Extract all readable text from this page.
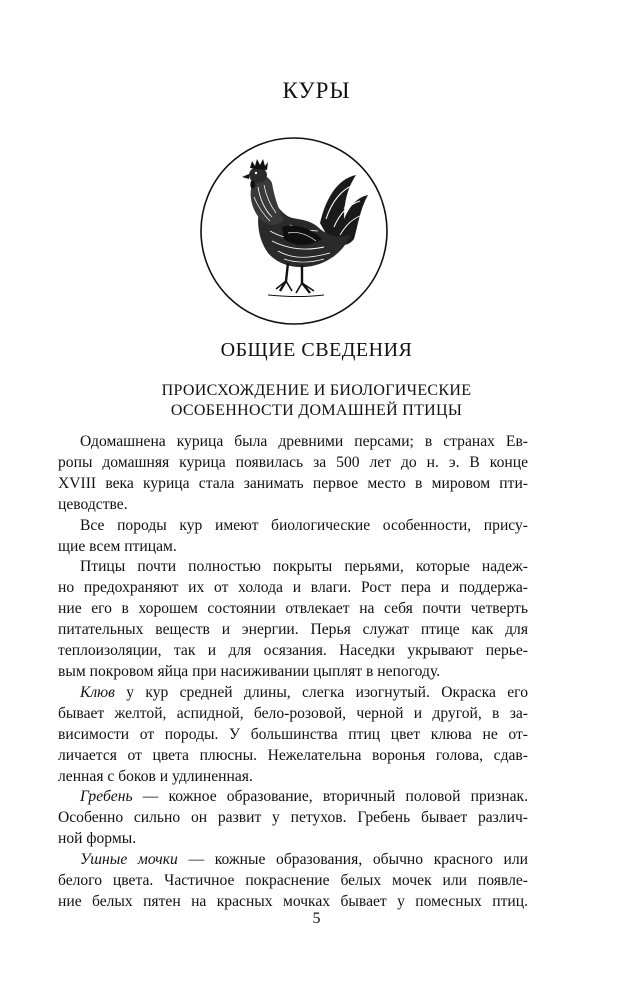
КУРЫ
ОБЩИЕ СВЕДЕНИЯ
ПРОИСХОЖДЕНИЕ И БИОЛОГИЧЕСКИЕ
ОСОБЕННОСТИ ДОМАШНЕЙ ПТИЦЫ

Одомашнена курица была древними персами; в странах Ев-
ропы домашняя курица появилась за 500 лет до н. э. В конце
XVIII века курица стала занимать первое место в мировом пти-
цеводстве.

Все породы кур имеют биологические особенности, прису-
щие всем птицам.

Птицы почти полностью покрыты перьями, которые надеж-
но предохраняют их от холода и влаги. Рост пера и поддержа-
ние его в хорошем состоянии отвлекает на себя почти четверть
питательных веществ и энергии. Перья служат птице как для
теплоизоляции, так и для осязания. Наседки укрывают перье-
вым покровом яйца при насиживании цыплят в непогоду.

Клюв у кур средней длины, слегка изогнутый. Окраска его
бывает желтой, аспидной, бело-розовой, черной и другой, в за-
висимости от породы. У большинства птиц цвет клюва не от-
личается от цвета плюсны. Нежелательна воронья голова, сдав-
ленная с боков и удлиненная.

Гребень — кожное образование, вторичный половой признак.
Особенно сильно он развит у петухов. Гребень бывает различ-
ной формы.

Ушные мочки — кожные образования, обычно красного или
белого цвета. Частичное покраснение белых мочек или появле-
ние белых пятен на красных мочках бывает у помесных птиц.

5
